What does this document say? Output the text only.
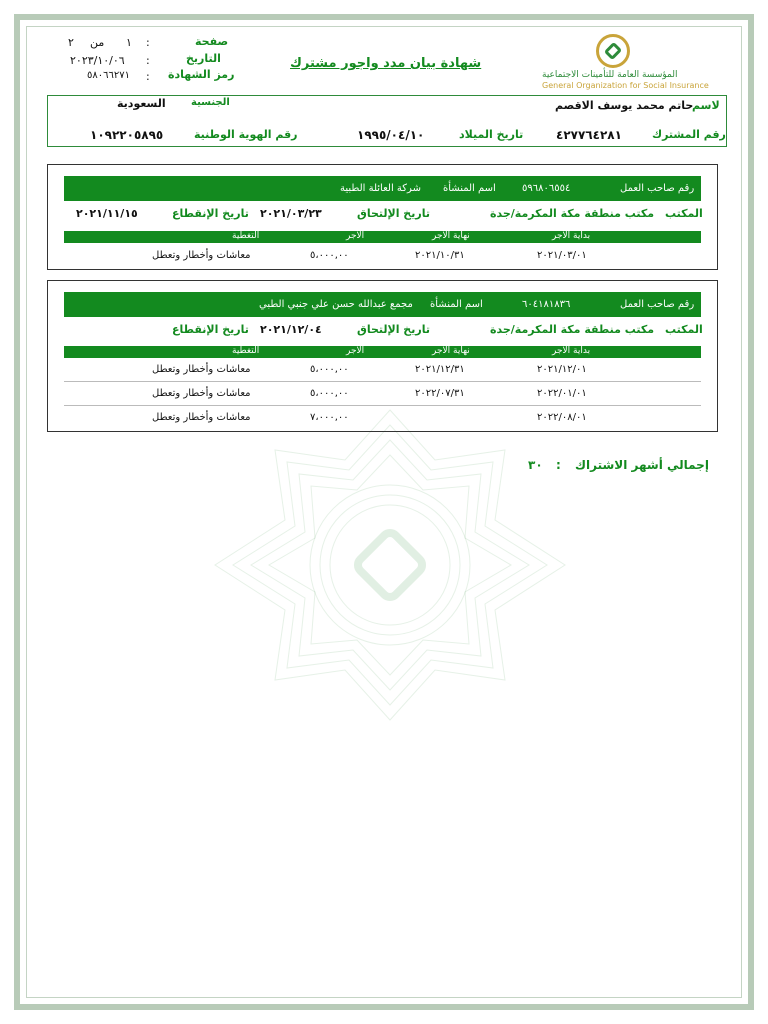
صفحة
:
١
من
٢
التاريخ
:
٢٠٢٣/١٠/٠٦
رمز الشهادة
:
٥٨٠٦٦٢٧١
شهادة بيان مدد واجور مشترك
المؤسسة العامة للتأمينات الاجتماعية
General Organization for Social Insurance
لاسم
حاتم محمد يوسف الاقصم
الجنسية
السعودية
رقم المشترك
٤٢٧٧٦٤٢٨١
تاريخ الميلاد
١٩٩٥/٠٤/١٠
رقم الهوية الوطنية
١٠٩٢٢٠٥٨٩٥
رقم صاحب العمل
٥٩٦٨٠٦٥٥٤
اسم المنشأة
شركة العائلة الطبية
المكتب
مكتب منطقة مكة المكرمة/جدة
تاريخ الإلتحاق
٢٠٢١/٠٣/٢٣
تاريخ الإنقطاع
٢٠٢١/١١/١٥
بداية الاجر
نهاية الاجر
الاجر
التغطية
٢٠٢١/٠٣/٠١
٢٠٢١/١٠/٣١
٥،٠٠٠,٠٠
معاشات وأخطار وتعطل
رقم صاحب العمل
٦٠٤١٨١٨٣٦
اسم المنشأة
مجمع عبدالله حسن علي جنبي الطبي
المكتب
مكتب منطقة مكة المكرمة/جدة
تاريخ الإلتحاق
٢٠٢١/١٢/٠٤
تاريخ الإنقطاع
بداية الاجر
نهاية الاجر
الاجر
التغطية
٢٠٢١/١٢/٠١
٢٠٢١/١٢/٣١
٥،٠٠٠,٠٠
معاشات وأخطار وتعطل
٢٠٢٢/٠١/٠١
٢٠٢٢/٠٧/٣١
٥،٠٠٠,٠٠
معاشات وأخطار وتعطل
٢٠٢٢/٠٨/٠١
٧،٠٠٠,٠٠
معاشات وأخطار وتعطل
إجمالي أشهر الاشتراك
:
٣٠
